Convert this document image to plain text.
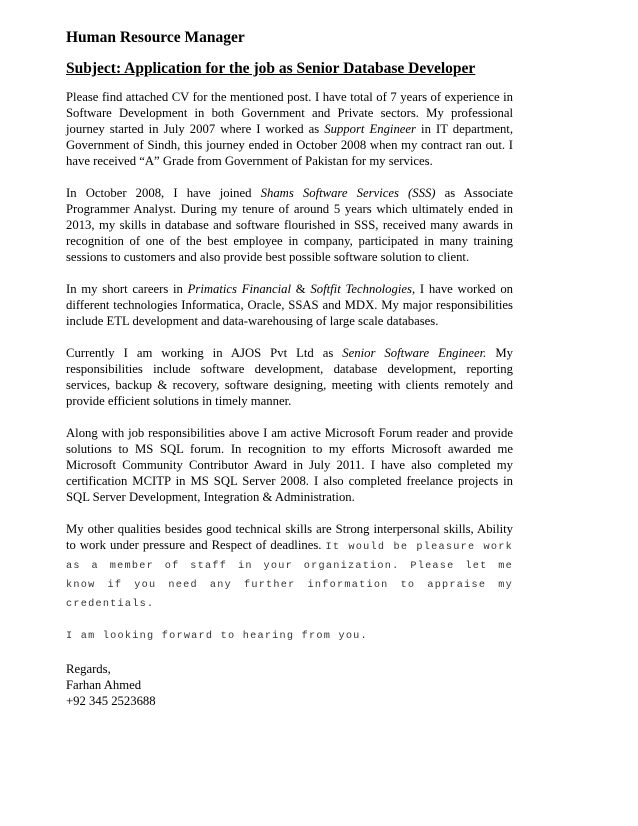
Human Resource Manager
Subject: Application for the job as Senior Database Developer

Please find attached CV for the mentioned post. I have total of 7 years of experience in Software Development in both Government and Private sectors. My professional journey started in July 2007 where I worked as Support Engineer in IT department, Government of Sindh, this journey ended in October 2008 when my contract ran out. I have received “A” Grade from Government of Pakistan for my services.

In October 2008, I have joined Shams Software Services (SSS) as Associate Programmer Analyst. During my tenure of around 5 years which ultimately ended in 2013, my skills in database and software flourished in SSS, received many awards in recognition of one of the best employee in company, participated in many training sessions to customers and also provide best possible software solution to client.

In my short careers in Primatics Financial & Softfit Technologies, I have worked on different technologies Informatica, Oracle, SSAS and MDX. My major responsibilities include ETL development and data-warehousing of large scale databases.

Currently I am working in AJOS Pvt Ltd as Senior Software Engineer. My responsibilities include software development, database development, reporting services, backup & recovery, software designing, meeting with clients remotely and provide efficient solutions in timely manner.

Along with job responsibilities above I am active Microsoft Forum reader and provide solutions to MS SQL forum. In recognition to my efforts Microsoft awarded me Microsoft Community Contributor Award in July 2011. I have also completed my certification MCITP in MS SQL Server 2008. I also completed freelance projects in SQL Server Development, Integration & Administration.

My other qualities besides good technical skills are Strong interpersonal skills, Ability to work under pressure and Respect of deadlines. It would be pleasure work as a member of staff in your organization. Please let me know if you need any further information to appraise my credentials.

I am looking forward to hearing from you.

Regards,

Farhan Ahmed

+92 345 2523688
